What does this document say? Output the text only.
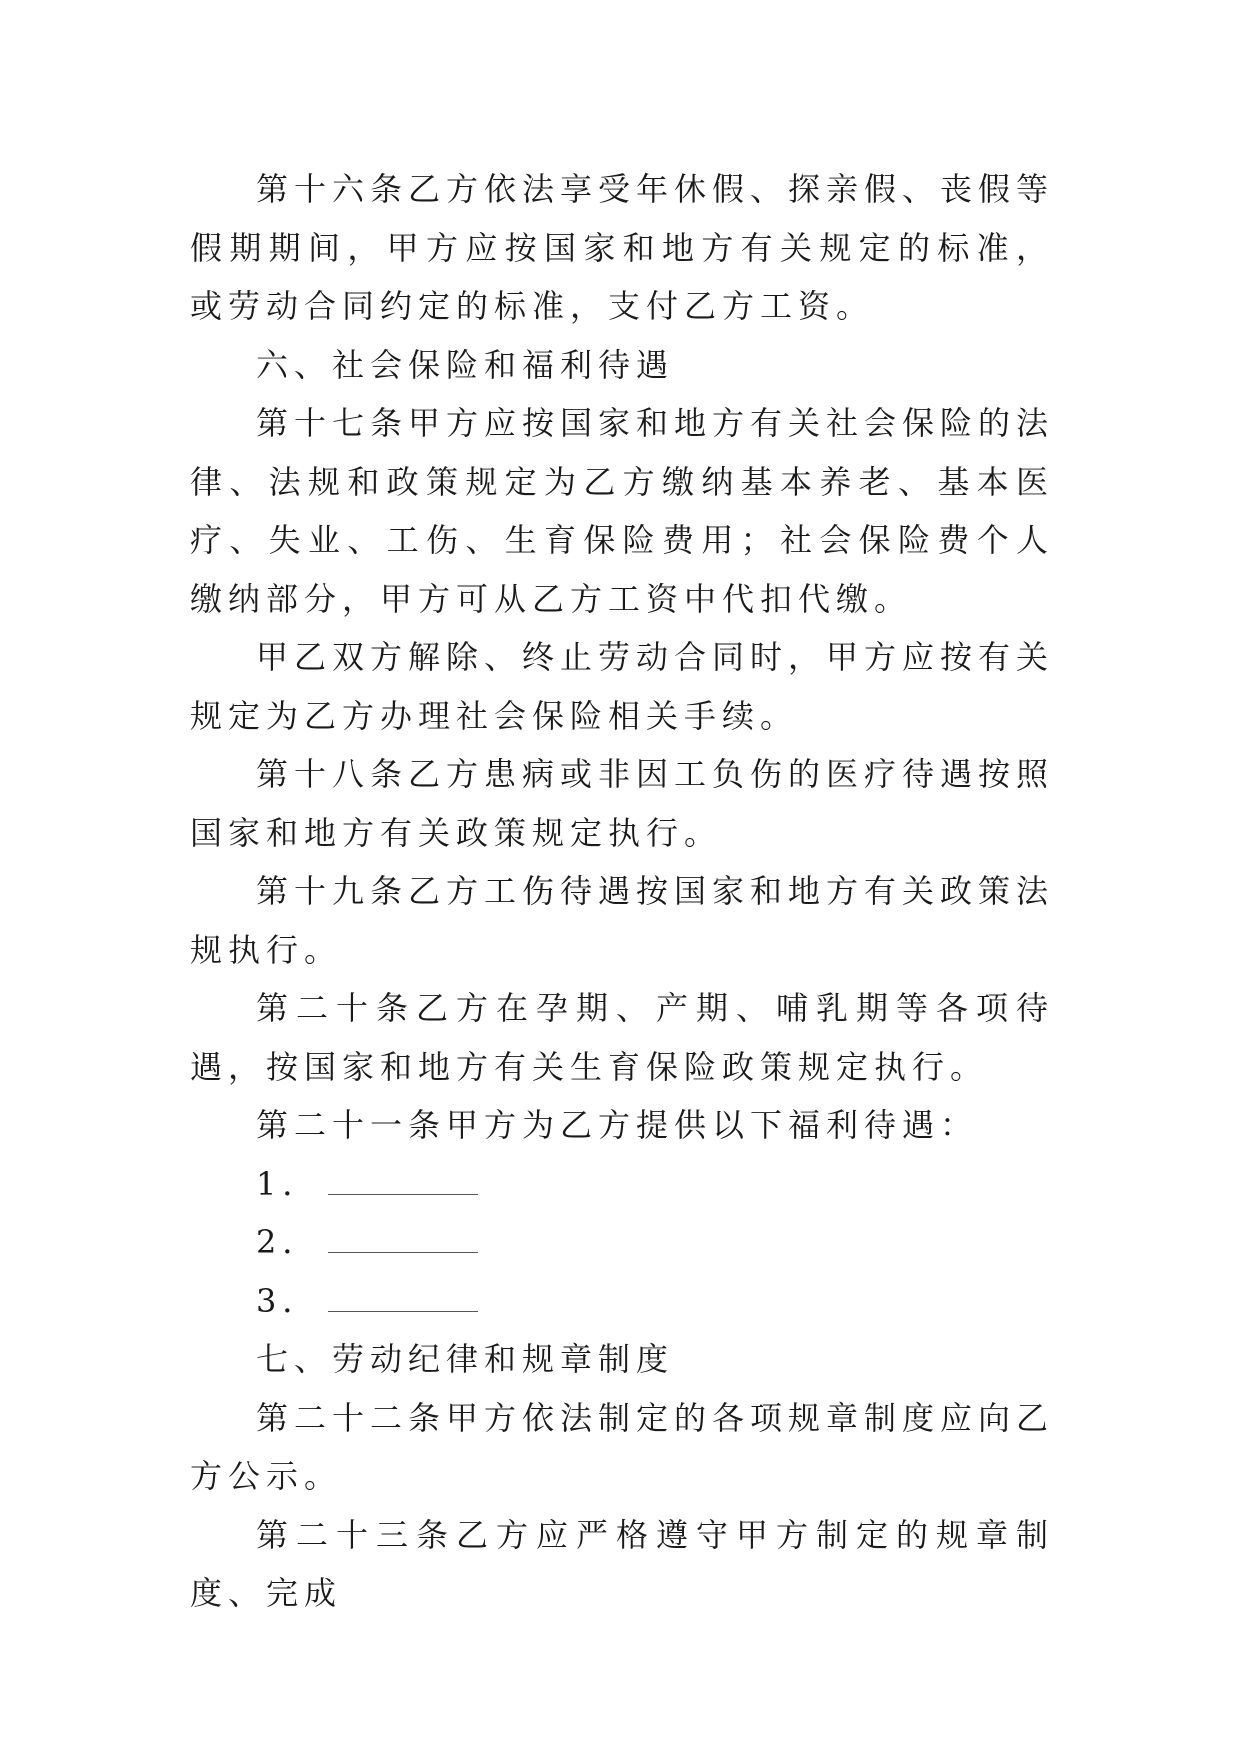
第十六条乙方依法享受年休假、探亲假、丧假等假期期间，甲方应按国家和地方有关规定的标准，或劳动合同约定的标准，支付乙方工资。

六、社会保险和福利待遇

第十七条甲方应按国家和地方有关社会保险的法律、法规和政策规定为乙方缴纳基本养老、基本医疗、失业、工伤、生育保险费用；社会保险费个人缴纳部分，甲方可从乙方工资中代扣代缴。

甲乙双方解除、终止劳动合同时，甲方应按有关规定为乙方办理社会保险相关手续。

第十八条乙方患病或非因工负伤的医疗待遇按照国家和地方有关政策规定执行。

第十九条乙方工伤待遇按国家和地方有关政策法规执行。

第二十条乙方在孕期、产期、哺乳期等各项待遇，按国家和地方有关生育保险政策规定执行。

第二十一条甲方为乙方提供以下福利待遇：

1．

2．

3．

七、劳动纪律和规章制度

第二十二条甲方依法制定的各项规章制度应向乙方公示。

第二十三条乙方应严格遵守甲方制定的规章制度、完成
